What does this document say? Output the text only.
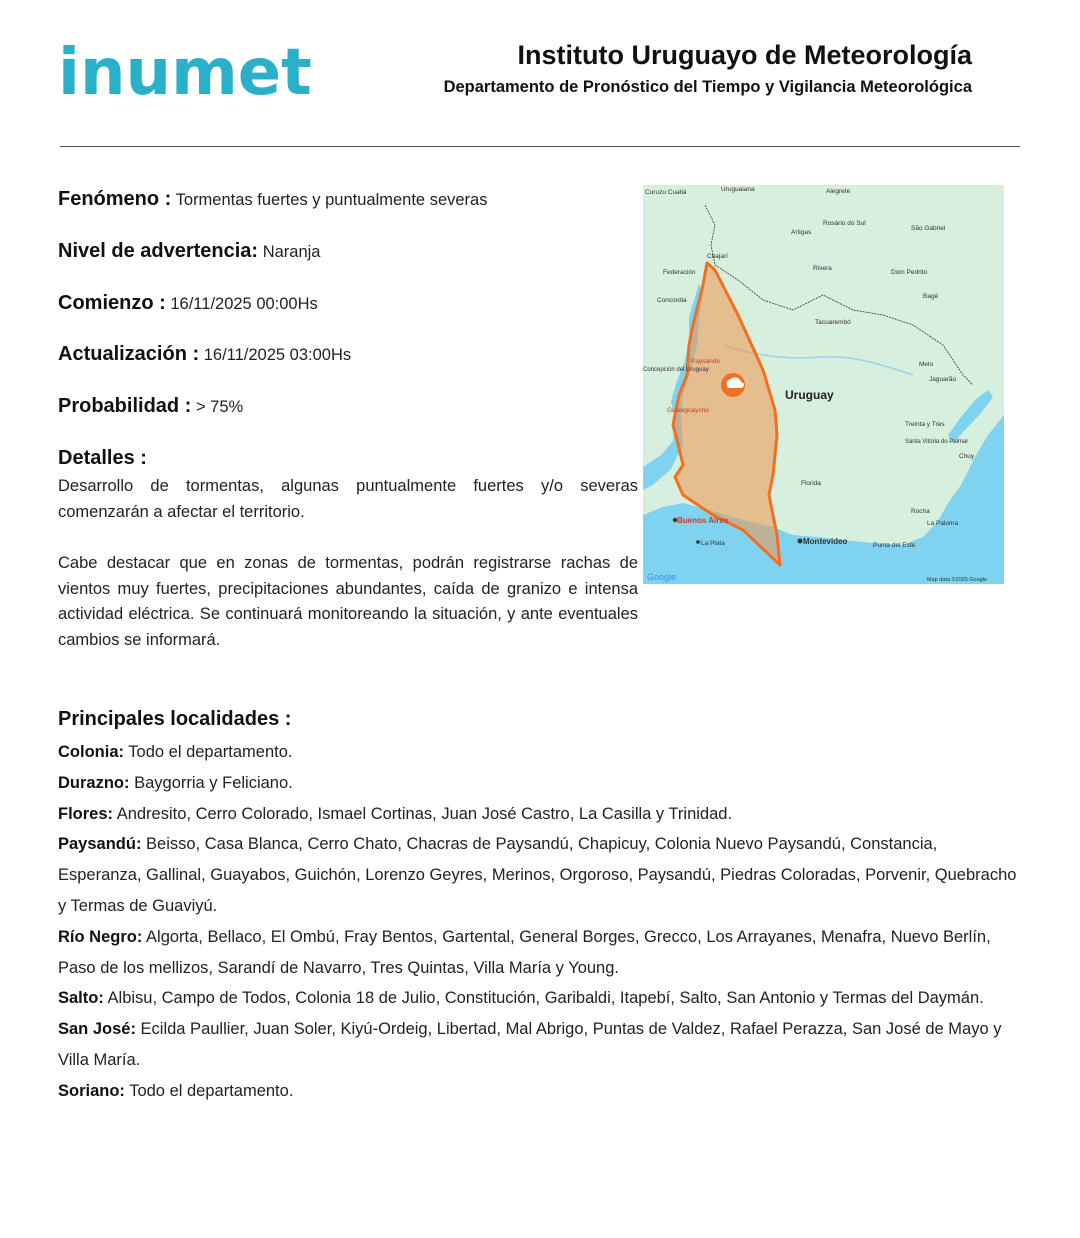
inumet	Instituto Uruguayo de Meteorología
Departamento de Pronóstico del Tiempo y Vigilancia Meteorológica
Fenómeno : Tormentas fuertes y puntualmente severas
Nivel de advertencia: Naranja
Comienzo : 16/11/2025 00:00Hs
Actualización : 16/11/2025 03:00Hs
Probabilidad : > 75%
Detalles :
Desarrollo de tormentas, algunas puntualmente fuertes y/o severas comenzarán a afectar el territorio.
Cabe destacar que en zonas de tormentas, podrán registrarse rachas de vientos muy fuertes, precipitaciones abundantes, caída de granizo e intensa actividad eléctrica. Se continuará monitoreando la situación, y ante eventuales cambios se informará.
Curuzu Cuatiá	Uruguaiana	Alegrete
Rosário do Sul
São Gabriel
Artigas
Chajarí
Federación
Rivera
Dom Pedrito
Bagé
Concordia
Tacuarembó
Paysandú
Concepción del Uruguay
Melo
Jaguarão
Gualeguaychú
Treinta y Tres
Santa Vitória do Palmar
Chuy
Florida
Rocha
La Paloma
Buenos Aires
La Plata	Montevideo	Punta del Este
Uruguay
Google	Map data ©2025 Google
Principales localidades :
Colonia: Todo el departamento.
Durazno: Baygorria y Feliciano.
Flores: Andresito, Cerro Colorado, Ismael Cortinas, Juan José Castro, La Casilla y Trinidad.
Paysandú: Beisso, Casa Blanca, Cerro Chato, Chacras de Paysandú, Chapicuy, Colonia Nuevo Paysandú, Constancia, Esperanza, Gallinal, Guayabos, Guichón, Lorenzo Geyres, Merinos, Orgoroso, Paysandú, Piedras Coloradas, Porvenir, Quebracho y Termas de Guaviyú.
Río Negro: Algorta, Bellaco, El Ombú, Fray Bentos, Gartental, General Borges, Grecco, Los Arrayanes, Menafra, Nuevo Berlín, Paso de los mellizos, Sarandí de Navarro, Tres Quintas, Villa María y Young.
Salto: Albisu, Campo de Todos, Colonia 18 de Julio, Constitución, Garibaldi, Itapebí, Salto, San Antonio y Termas del Daymán.
San José: Ecilda Paullier, Juan Soler, Kiyú-Ordeig, Libertad, Mal Abrigo, Puntas de Valdez, Rafael Perazza, San José de Mayo y Villa María.
Soriano: Todo el departamento.
